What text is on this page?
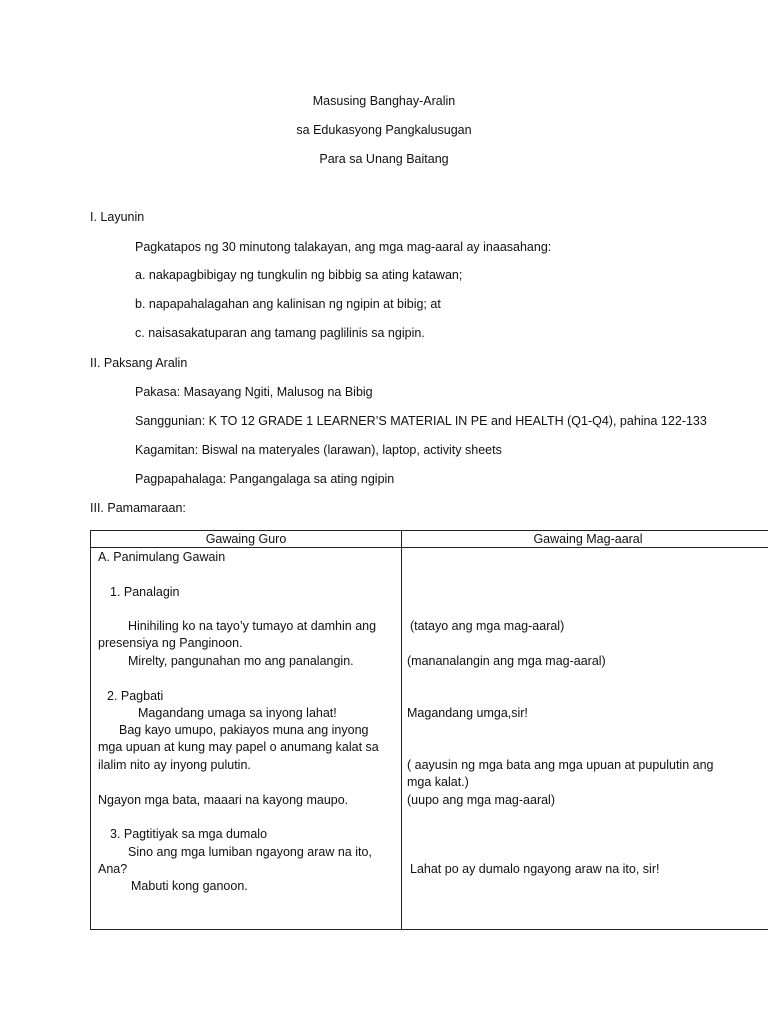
Masusing Banghay-Aralin
sa Edukasyong Pangkalusugan
Para sa Unang Baitang
I. Layunin
Pagkatapos ng 30 minutong talakayan, ang mga mag-aaral ay inaasahang:
a. nakapagbibigay ng tungkulin ng bibbig sa ating katawan;
b. napapahalagahan ang kalinisan ng ngipin at bibig; at
c. naisasakatuparan ang tamang paglilinis sa ngipin.
II. Paksang Aralin
Pakasa: Masayang Ngiti, Malusog na Bibig
Sanggunian: K TO 12 GRADE 1 LEARNER’S MATERIAL IN PE and HEALTH (Q1-Q4), pahina 122-133
Kagamitan: Biswal na materyales (larawan), laptop, activity sheets
Pagpapahalaga: Pangangalaga sa ating ngipin
III. Pamamaraan:
Gawaing Guro	Gawaing Mag-aaral
A. Panimulang Gawain
1. Panalagin
Hinihiling ko na tayo’y tumayo at damhin ang
presensiya ng Panginoon.
Mirelty, pangunahan mo ang panalangin.
2. Pagbati
Magandang umaga sa inyong lahat!
Bag kayo umupo, pakiayos muna ang inyong
mga upuan at kung may papel o anumang kalat sa
ilalim nito ay inyong pulutin.
Ngayon mga bata, maaari na kayong maupo.
3. Pagtitiyak sa mga dumalo
Sino ang mga lumiban ngayong araw na ito,
Ana?
Mabuti kong ganoon.
(tatayo ang mga mag-aaral)
(mananalangin ang mga mag-aaral)
Magandang umga,sir!
( aayusin ng mga bata ang mga upuan at pupulutin ang
mga kalat.)
(uupo ang mga mag-aaral)
Lahat po ay dumalo ngayong araw na ito, sir!
